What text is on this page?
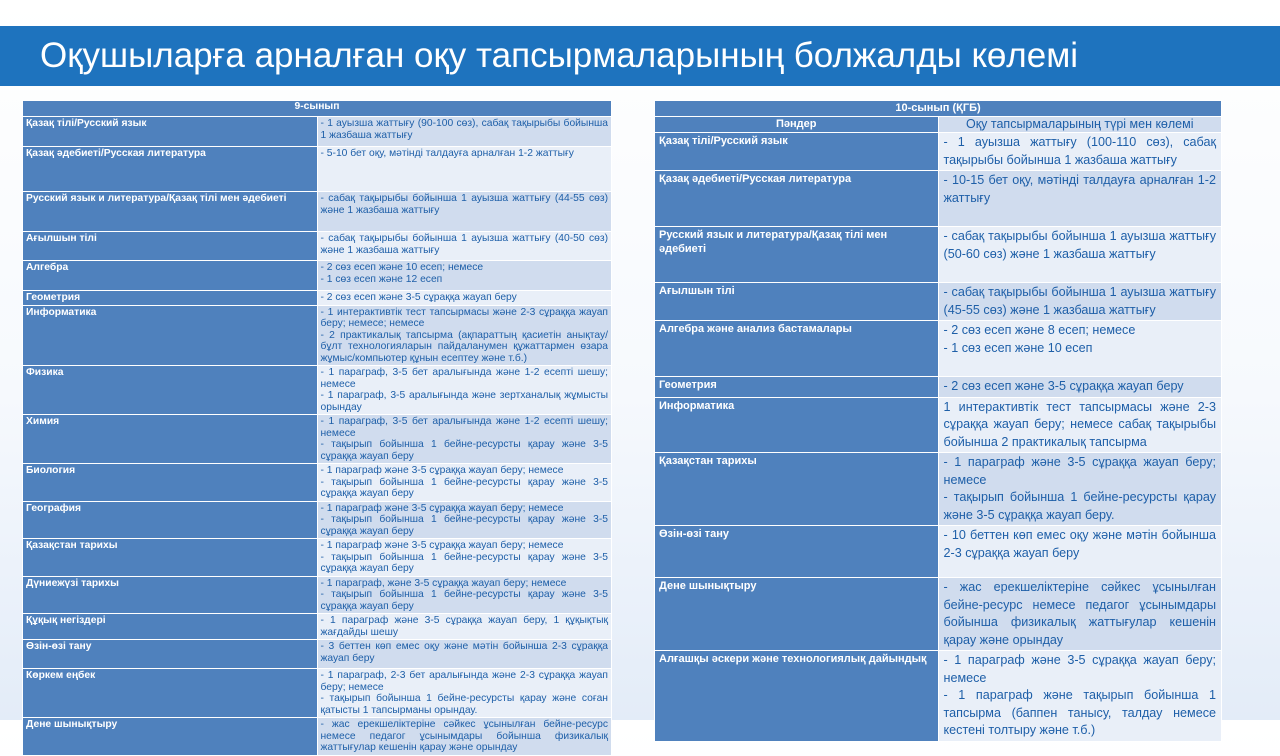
Оқушыларға арналған оқу тапсырмаларының болжалды көлемі
9-сынып	
Қазақ тілі/Русский язык	- 1 ауызша жаттығу (90-100 сөз), сабақ тақырыбы бойынша 1 жазбаша жаттығу

Қазақ әдебиеті/Русская литература	- 5-10 бет оқу, мәтінді талдауға арналған 1-2 жаттығу

Русский язык и литература/Қазақ тілі мен әдебиеті	- сабақ тақырыбы бойынша 1 ауызша жаттығу (44-55 сөз) және 1 жазбаша жаттығу

Ағылшын тілі	- сабақ тақырыбы бойынша 1 ауызша жаттығу (40-50 сөз) және 1 жазбаша жаттығу

Алгебра	- 2 сөз есеп және 10 есеп; немесе
- 1 сөз есеп және 12 есеп

Геометрия	- 2 сөз есеп және 3-5 сұраққа жауап беру

Информатика	- 1 интерактивтік тест тапсырмасы және 2-3 сұраққа жауап беру; немесе; немесе
- 2 практикалық тапсырма (ақпараттың қасиетін анықтау/бұлт технологияларын пайдаланумен құжаттармен өзара жұмыс/компьютер құнын есептеу және т.б.)

Физика	- 1 параграф, 3-5 бет аралығында және 1-2 есепті шешу; немесе
- 1 параграф, 3-5 аралығында және зертханалық жұмысты орындау

Химия	- 1 параграф, 3-5 бет аралығында және 1-2 есепті шешу; немесе
- тақырып бойынша 1 бейне-ресурсты қарау және 3-5 сұраққа жауап беру

Биология	- 1 параграф және 3-5 сұраққа жауап беру; немесе
- тақырып бойынша 1 бейне-ресурсты қарау және 3-5 сұраққа жауап беру

География	- 1 параграф және 3-5 сұраққа жауап беру; немесе
- тақырып бойынша 1 бейне-ресурсты қарау және 3-5 сұраққа жауап беру

Қазақстан тарихы	- 1 параграф және 3-5 сұраққа жауап беру; немесе
- тақырып бойынша 1 бейне-ресурсты қарау және 3-5 сұраққа жауап беру

Дүниежүзі тарихы	- 1 параграф, және 3-5 сұраққа жауап беру; немесе
- тақырып бойынша 1 бейне-ресурсты қарау және 3-5 сұраққа жауап беру

Құқық негіздері	- 1 параграф және 3-5 сұраққа жауап беру, 1 құқықтық жағдайды шешу

Өзін-өзі тану	- 3 беттен көп емес оқу және мәтін бойынша 2-3 сұраққа жауап беру

Көркем еңбек	- 1 параграф, 2-3 бет аралығында және 2-3 сұраққа жауап беру; немесе
- тақырып бойынша 1 бейне-ресурсты қарау және соған қатысты 1 тапсырманы орындау.

Дене шынықтыру	- жас ерекшеліктеріне сәйкес ұсынылған бейне-ресурс немесе педагог ұсынымдары бойынша физикалық жаттығулар кешенін қарау және орындау
10-сынып (ҚГБ)	
Пәндер	Оқу тапсырмаларының түрі мен көлемі
Қазақ тілі/Русский язык	- 1 ауызша жаттығу (100-110 сөз), сабақ тақырыбы бойынша 1 жазбаша жаттығу

Қазақ әдебиеті/Русская литература	- 10-15 бет оқу, мәтінді талдауға арналған 1-2 жаттығу

Русский язык и литература/Қазақ тілі мен әдебиеті	- сабақ тақырыбы бойынша 1 ауызша жаттығу (50-60 сөз) және 1 жазбаша жаттығу

Ағылшын тілі	- сабақ тақырыбы бойынша 1 ауызша жаттығу (45-55 сөз) және 1 жазбаша жаттығу

Алгебра және анализ бастамалары	- 2 сөз есеп және 8 есеп; немесе
- 1 сөз есеп және 10 есеп

Геометрия	- 2 сөз есеп және 3-5 сұраққа жауап беру

Информатика	1 интерактивтік тест тапсырмасы және 2-3 сұраққа жауап беру; немесе сабақ тақырыбы бойынша 2 практикалық тапсырма

Қазақстан тарихы	- 1 параграф және 3-5 сұраққа жауап беру; немесе
- тақырып бойынша 1 бейне-ресурсты қарау және 3-5 сұраққа жауап беру.

Өзін-өзі тану	- 10 беттен көп емес оқу және мәтін бойынша 2-3 сұраққа жауап беру

Дене шынықтыру	- жас ерекшеліктеріне сәйкес ұсынылған бейне-ресурс немесе педагог ұсынымдары бойынша физикалық жаттығулар кешенін қарау және орындау

Алғашқы әскери және технологиялық дайындық	- 1 параграф және 3-5 сұраққа жауап беру; немесе
- 1 параграф және тақырып бойынша 1 тапсырма (баппен танысу, талдау немесе кестені толтыру және т.б.)
